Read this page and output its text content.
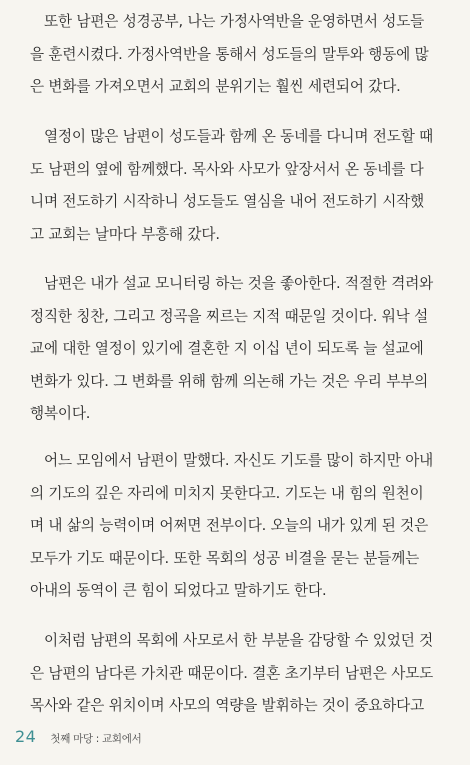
또한 남편은 성경공부, 나는 가정사역반을 운영하면서 성도들
을 훈련시켰다. 가정사역반을 통해서 성도들의 말투와 행동에 많
은 변화를 가져오면서 교회의 분위기는 훨씬 세련되어 갔다.
열정이 많은 남편이 성도들과 함께 온 동네를 다니며 전도할 때
도 남편의 옆에 함께했다. 목사와 사모가 앞장서서 온 동네를 다
니며 전도하기 시작하니 성도들도 열심을 내어 전도하기 시작했
고 교회는 날마다 부흥해 갔다.
남편은 내가 설교 모니터링 하는 것을 좋아한다. 적절한 격려와
정직한 칭찬, 그리고 정곡을 찌르는 지적 때문일 것이다. 워낙 설
교에 대한 열정이 있기에 결혼한 지 이십 년이 되도록 늘 설교에
변화가 있다. 그 변화를 위해 함께 의논해 가는 것은 우리 부부의
행복이다.
어느 모임에서 남편이 말했다. 자신도 기도를 많이 하지만 아내
의 기도의 깊은 자리에 미치지 못한다고. 기도는 내 힘의 원천이
며 내 삶의 능력이며 어쩌면 전부이다. 오늘의 내가 있게 된 것은
모두가 기도 때문이다. 또한 목회의 성공 비결을 묻는 분들께는
아내의 동역이 큰 힘이 되었다고 말하기도 한다.
이처럼 남편의 목회에 사모로서 한 부분을 감당할 수 있었던 것
은 남편의 남다른 가치관 때문이다. 결혼 초기부터 남편은 사모도
목사와 같은 위치이며 사모의 역량을 발휘하는 것이 중요하다고
24 첫째 마당 : 교회에서
